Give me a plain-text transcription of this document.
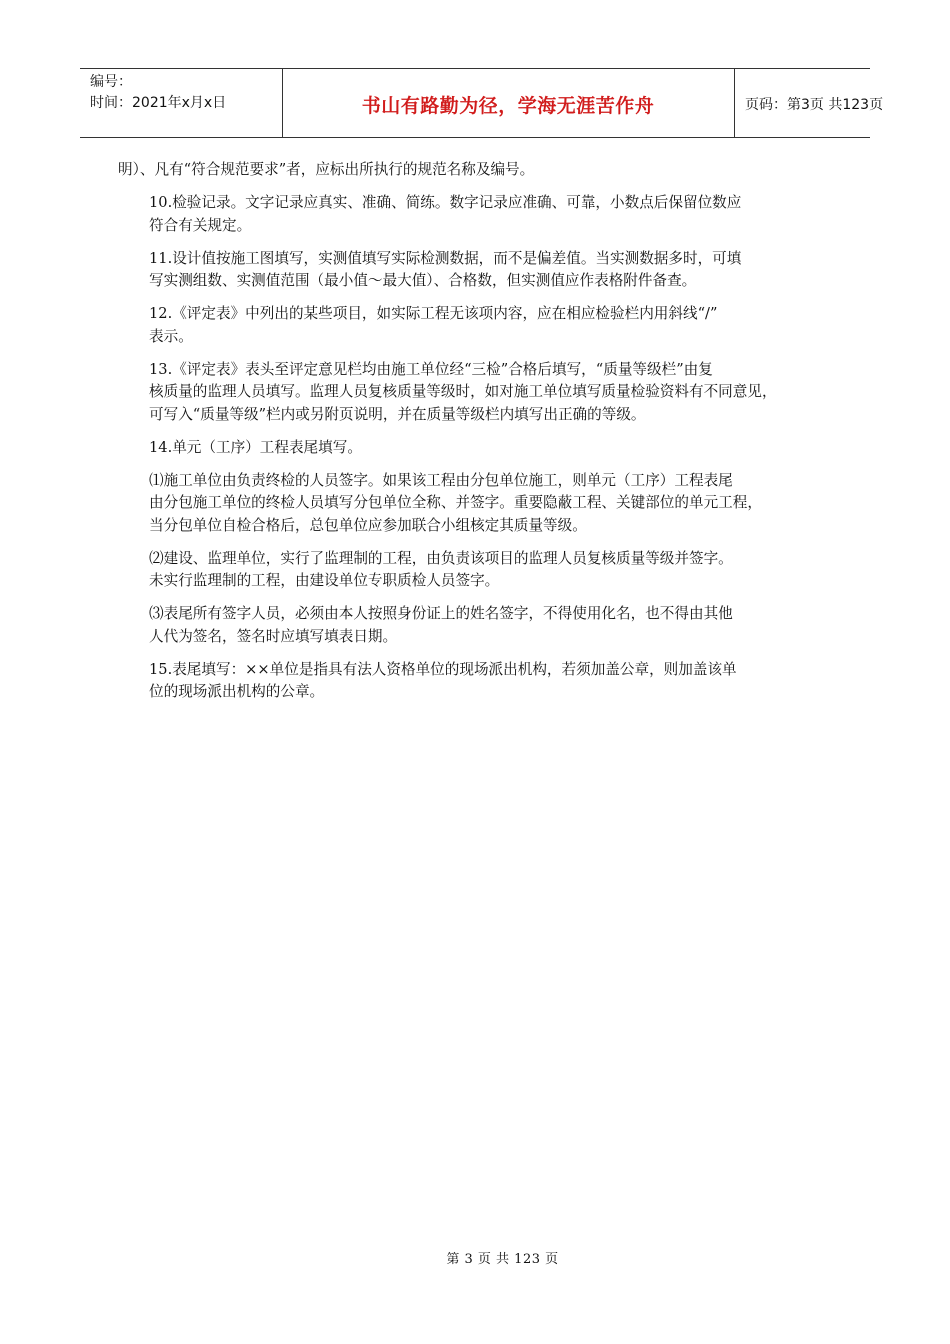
编号：
时间：2021年x月x日	书山有路勤为径，学海无涯苦作舟	页码：第3页 共123页

明）、凡有“符合规范要求”者，应标出所执行的规范名称及编号。

10.检验记录。文字记录应真实、准确、简练。数字记录应准确、可靠，小数点后保留位数应
符合有关规定。

11.设计值按施工图填写，实测值填写实际检测数据，而不是偏差值。当实测数据多时，可填
写实测组数、实测值范围（最小值～最大值）、合格数，但实测值应作表格附件备查。

12.《评定表》中列出的某些项目，如实际工程无该项内容，应在相应检验栏内用斜线“/”
表示。

13.《评定表》表头至评定意见栏均由施工单位经“三检”合格后填写，“质量等级栏”由复
核质量的监理人员填写。监理人员复核质量等级时，如对施工单位填写质量检验资料有不同意见，
可写入“质量等级”栏内或另附页说明，并在质量等级栏内填写出正确的等级。

14.单元（工序）工程表尾填写。

⑴施工单位由负责终检的人员签字。如果该工程由分包单位施工，则单元（工序）工程表尾
由分包施工单位的终检人员填写分包单位全称、并签字。重要隐蔽工程、关键部位的单元工程，
当分包单位自检合格后，总包单位应参加联合小组核定其质量等级。

⑵建设、监理单位，实行了监理制的工程，由负责该项目的监理人员复核质量等级并签字。
未实行监理制的工程，由建设单位专职质检人员签字。

⑶表尾所有签字人员，必须由本人按照身份证上的姓名签字，不得使用化名，也不得由其他
人代为签名，签名时应填写填表日期。

15.表尾填写：××单位是指具有法人资格单位的现场派出机构，若须加盖公章，则加盖该单
位的现场派出机构的公章。

第 3 页 共 123 页
